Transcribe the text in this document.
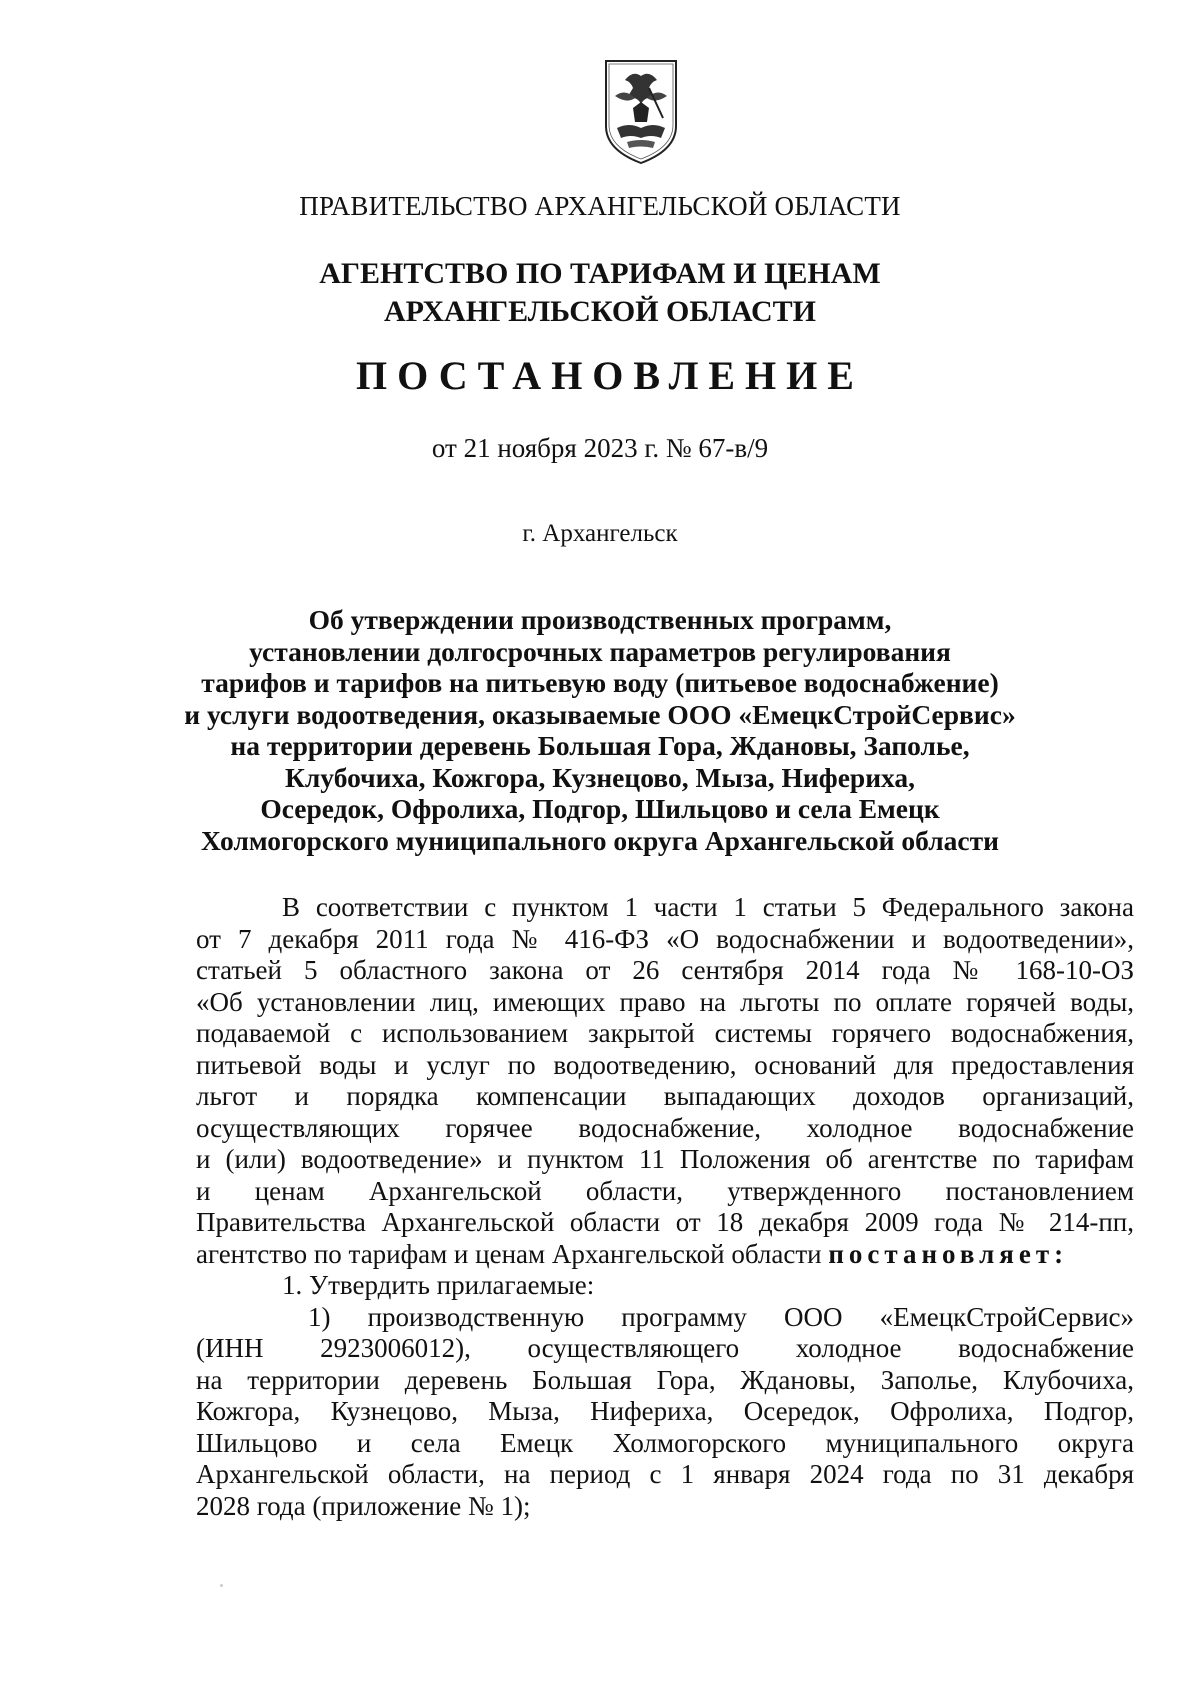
ПРАВИТЕЛЬСТВО АРХАНГЕЛЬСКОЙ ОБЛАСТИ
АГЕНТСТВО ПО ТАРИФАМ И ЦЕНАМ
АРХАНГЕЛЬСКОЙ ОБЛАСТИ
ПОСТАНОВЛЕНИЕ
от 21 ноября 2023 г. № 67-в/9
г. Архангельск
Об утверждении производственных программ,
установлении долгосрочных параметров регулирования
тарифов и тарифов на питьевую воду (питьевое водоснабжение)
и услуги водоотведения, оказываемые ООО «ЕмецкСтройСервис»
на территории деревень Большая Гора, Ждановы, Заполье,
Клубочиха, Кожгора, Кузнецово, Мыза, Нифериха,
Осередок, Офролиха, Подгор, Шильцово и села Емецк
Холмогорского муниципального округа Архангельской области
В соответствии с пунктом 1 части 1 статьи 5 Федерального закона
от 7 декабря 2011 года № 416-ФЗ «О водоснабжении и водоотведении»,
статьей 5 областного закона от 26 сентября 2014 года № 168-10-ОЗ
«Об установлении лиц, имеющих право на льготы по оплате горячей воды,
подаваемой с использованием закрытой системы горячего водоснабжения,
питьевой воды и услуг по водоотведению, оснований для предоставления
льгот и порядка компенсации выпадающих доходов организаций,
осуществляющих горячее водоснабжение, холодное водоснабжение
и (или) водоотведение» и пунктом 11 Положения об агентстве по тарифам
и ценам Архангельской области, утвержденного постановлением
Правительства Архангельской области от 18 декабря 2009 года № 214-пп,
агентство по тарифам и ценам Архангельской области постановляет:
1. Утвердить прилагаемые:
1) производственную программу ООО «ЕмецкСтройСервис»
(ИНН 2923006012), осуществляющего холодное водоснабжение
на территории деревень Большая Гора, Ждановы, Заполье, Клубочиха,
Кожгора, Кузнецово, Мыза, Нифериха, Осередок, Офролиха, Подгор,
Шильцово и села Емецк Холмогорского муниципального округа
Архангельской области, на период с 1 января 2024 года по 31 декабря
2028 года (приложение № 1);
